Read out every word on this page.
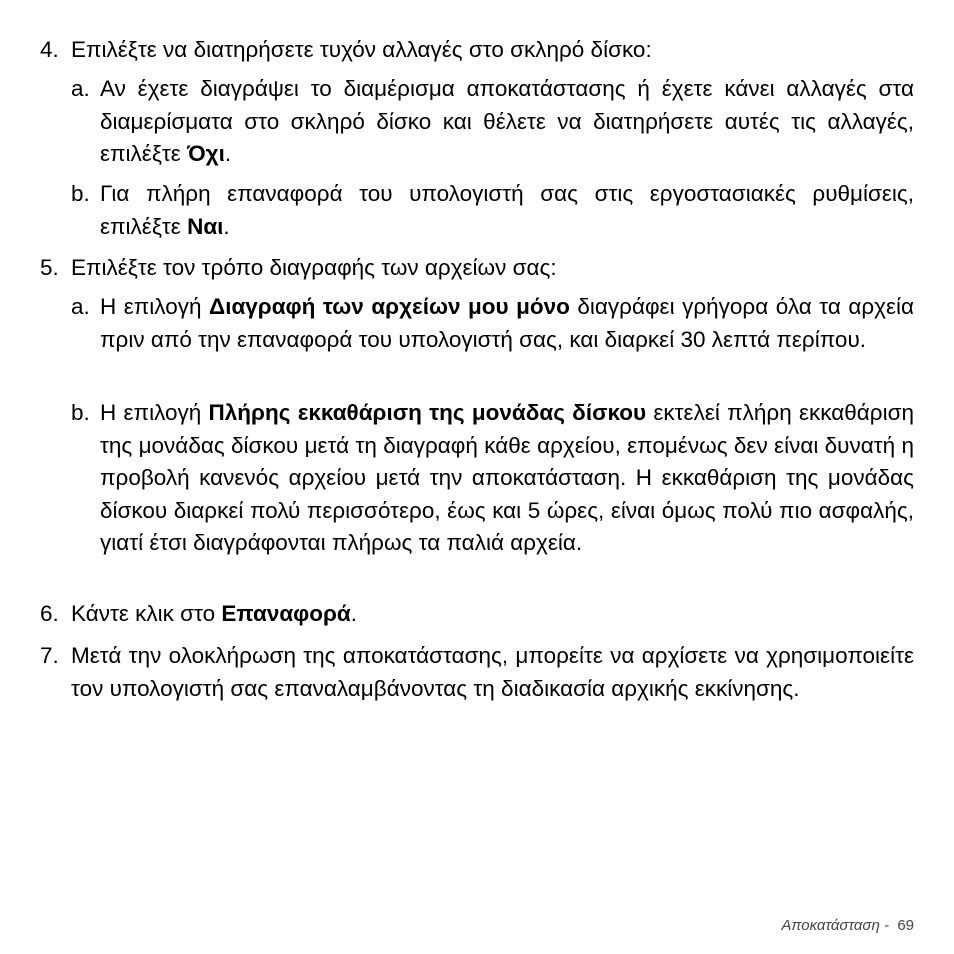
4. Επιλέξτε να διατηρήσετε τυχόν αλλαγές στο σκληρό δίσκο:
a. Αν έχετε διαγράψει το διαμέρισμα αποκατάστασης ή έχετε κάνει αλλαγές στα διαμερίσματα στο σκληρό δίσκο και θέλετε να διατηρήσετε αυτές τις αλλαγές, επιλέξτε Όχι.
b. Για πλήρη επαναφορά του υπολογιστή σας στις εργοστασιακές ρυθμίσεις, επιλέξτε Ναι.
5. Επιλέξτε τον τρόπο διαγραφής των αρχείων σας:
a. Η επιλογή Διαγραφή των αρχείων μου μόνο διαγράφει γρήγορα όλα τα αρχεία πριν από την επαναφορά του υπολογιστή σας, και διαρκεί 30 λεπτά περίπου.
b. Η επιλογή Πλήρης εκκαθάριση της μονάδας δίσκου εκτελεί πλήρη εκκαθάριση της μονάδας δίσκου μετά τη διαγραφή κάθε αρχείου, επομένως δεν είναι δυνατή η προβολή κανενός αρχείου μετά την αποκατάσταση. Η εκκαθάριση της μονάδας δίσκου διαρκεί πολύ περισσότερο, έως και 5 ώρες, είναι όμως πολύ πιο ασφαλής, γιατί έτσι διαγράφονται πλήρως τα παλιά αρχεία.
6. Κάντε κλικ στο Επαναφορά.
7. Μετά την ολοκλήρωση της αποκατάστασης, μπορείτε να αρχίσετε να χρησιμοποιείτε τον υπολογιστή σας επαναλαμβάνοντας τη διαδικασία αρχικής εκκίνησης.
Αποκατάσταση -  69
